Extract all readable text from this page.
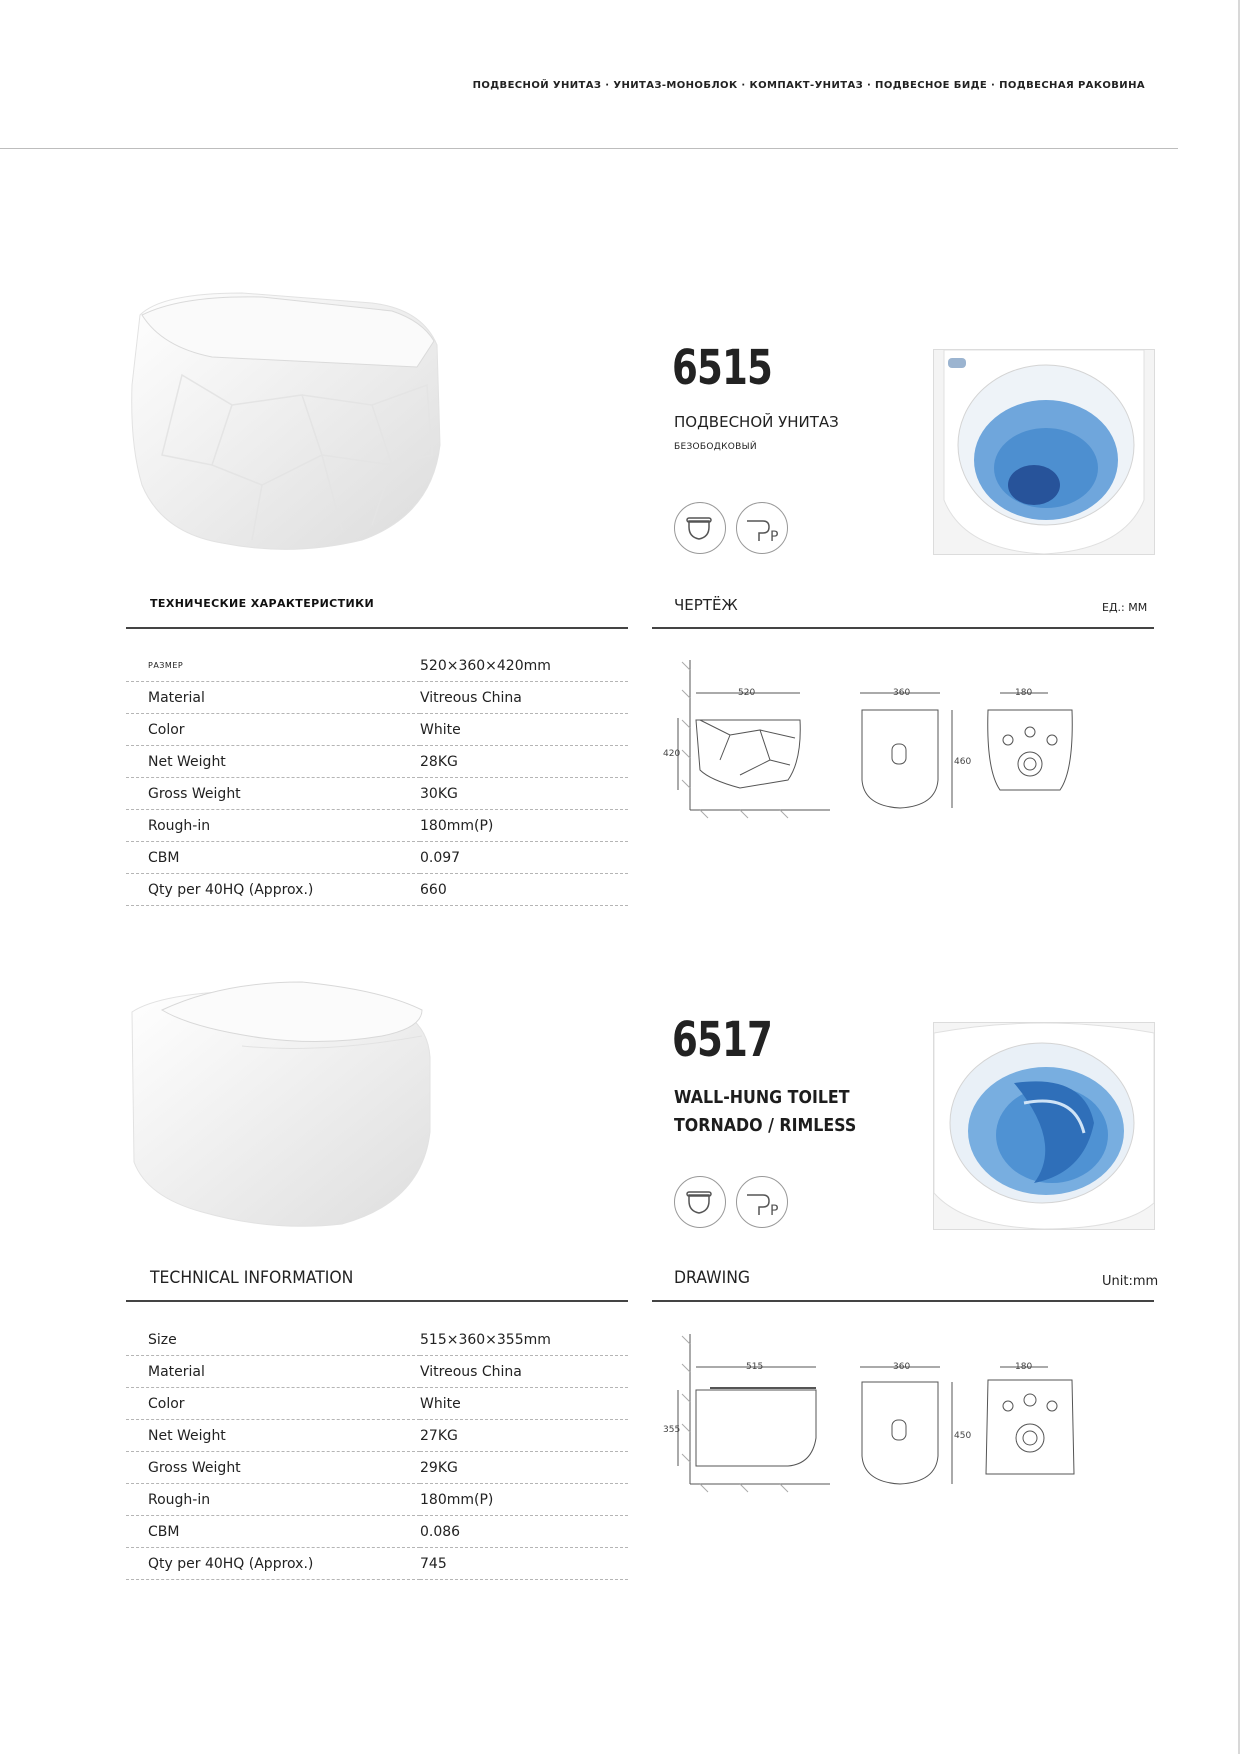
ПОДВЕСНОЙ УНИТАЗ · УНИТАЗ-МОНОБЛОК · КОМПАКТ-УНИТАЗ · ПОДВЕСНОЕ БИДЕ · ПОДВЕСНАЯ РАКОВИНА
6515
ПОДВЕСНОЙ УНИТАЗ
БЕЗОБОДКОВЫЙ
P
ТЕХНИЧЕСКИЕ ХАРАКТЕРИСТИКИ	ЧЕРТЁЖ	ЕД.: ММ
РАЗМЕР	520×360×420mm
Material	Vitreous China
Color	White
Net Weight	28KG
Gross Weight	30KG
Rough-in	180mm(P)
CBM	0.097
Qty per 40HQ (Approx.)	660
520
420
360
460
180
6517
WALL-HUNG TOILET
TORNADO / RIMLESS
P
TECHNICAL INFORMATION	DRAWING	Unit:mm
Size	515×360×355mm
Material	Vitreous China
Color	White
Net Weight	27KG
Gross Weight	29KG
Rough-in	180mm(P)
CBM	0.086
Qty per 40HQ (Approx.)	745
515
355
360
450
180
